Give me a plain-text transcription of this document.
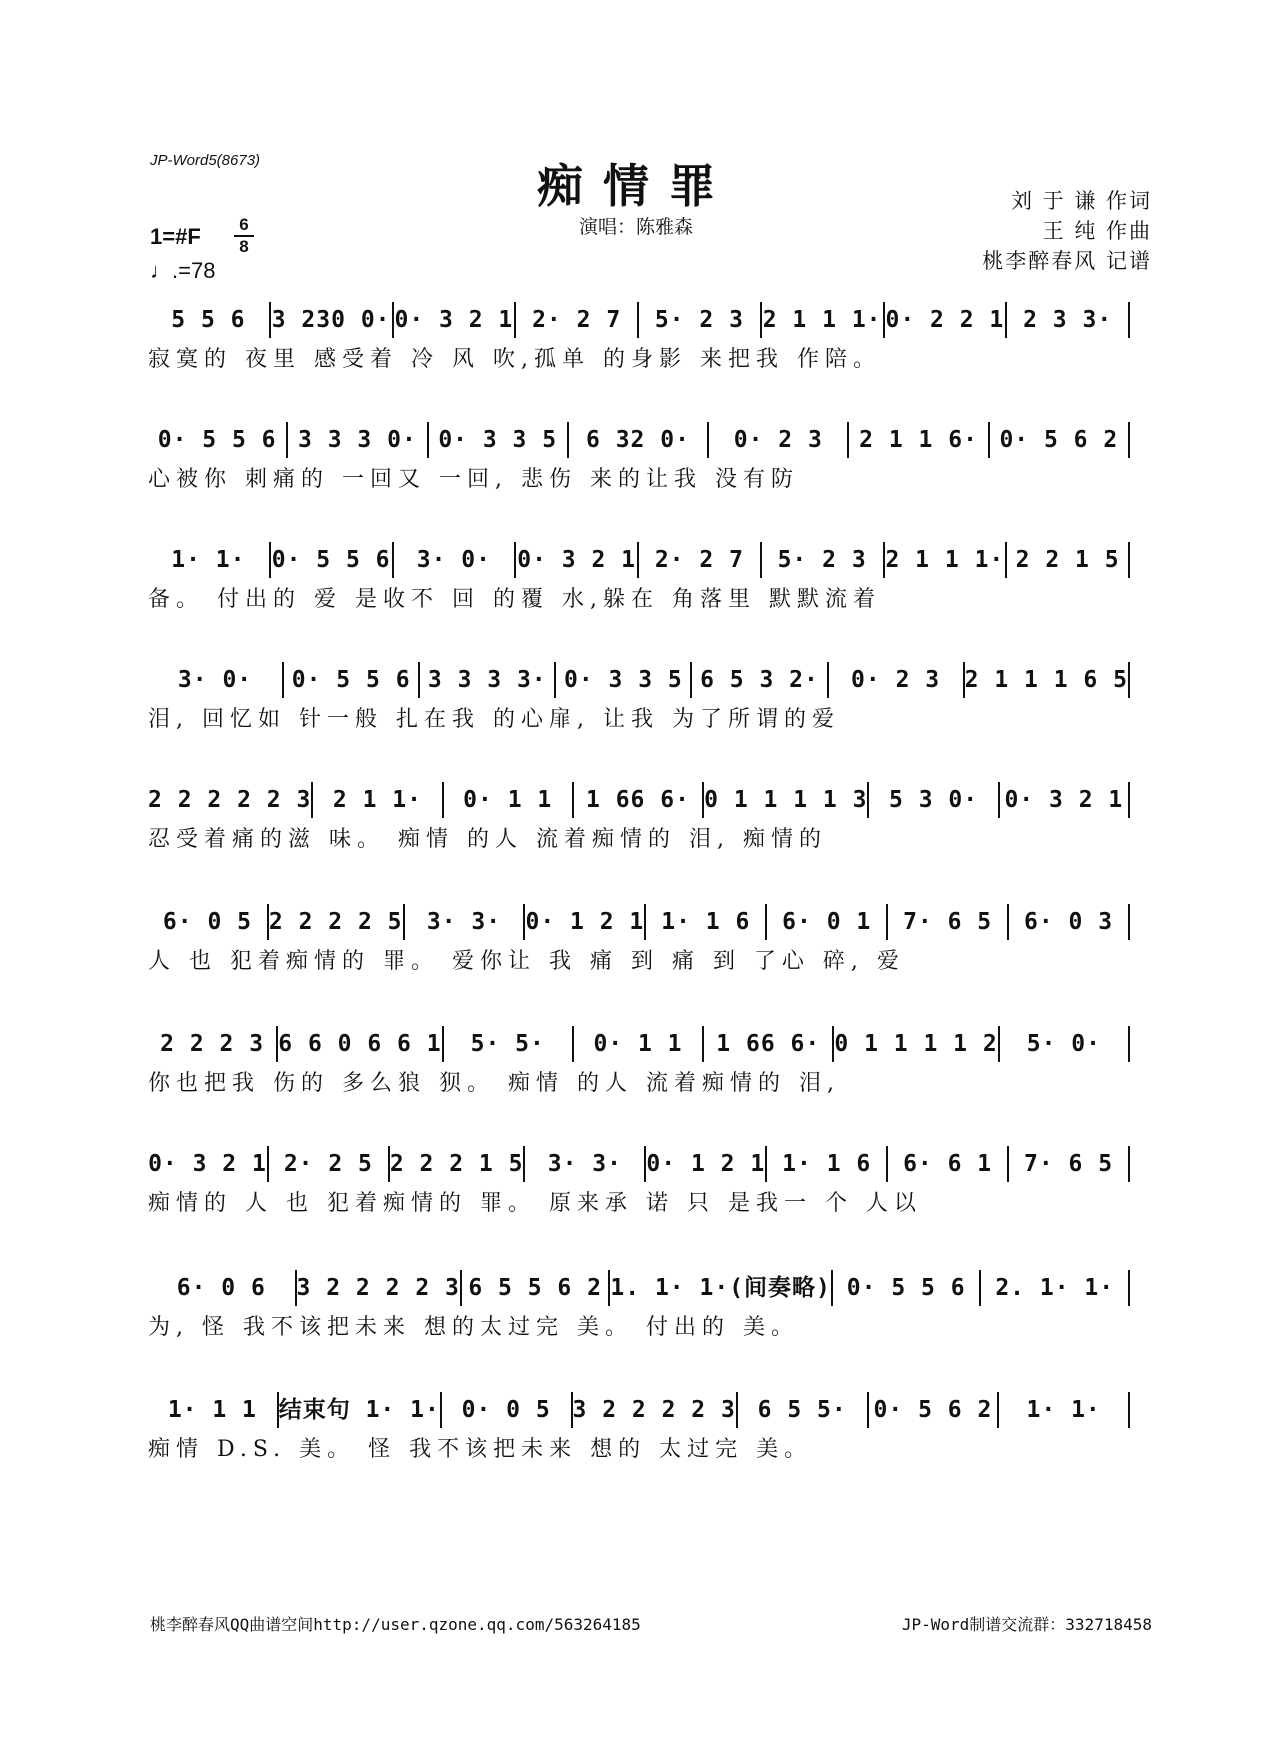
JP-Word5(8673)	痴情罪
演唱：陈雅森
刘 于 谦 作词
王 纯 作曲
桃李醉春风 记谱
1=#F	6
8
♩.=78
5 5 6	3 230 0· 0· 3 2 1 2· 2 7	5· 2 3 2 1 1 1· 0· 2 2 1 2 3 3·
寂寞的 夜里 感受着 冷 风 吹,孤单 的身影 来把我 作陪。
0· 5 5 6 3 3 3 0· 0· 3 3 5	6 32 0·	0· 2 3	2 1 1 6· 0· 5 6 2
心被你 刺痛的 一回又 一回, 悲伤 来的让我 没有防
1· 1·	0· 5 5 6	3· 0·	0· 3 2 1 2· 2 7	5· 2 3 2 1 1 1· 2 2 1 5
备。 付出的 爱 是收不 回 的覆 水,躲在 角落里 默默流着
3· 0·	0· 5 5 6 3 3 3 3· 0· 3 3 5 6 5 3 2·	0· 2 3	2 1 1 1 6 5
泪, 回忆如 针一般 扎在我 的心扉, 让我 为了所谓的爱
2 2 2 2 2 3 2 1 1·	0· 1 1	1 66 6· 0 1 1 1 1 3 5 3 0·	0· 3 2 1
忍受着痛的滋 味。 痴情 的人 流着痴情的 泪, 痴情的
6· 0 5 2 2 2 2 5	3· 3·	0· 1 2 1 1· 1 6	6· 0 1	7· 6 5	6· 0 3
人 也 犯着痴情的 罪。 爱你让 我 痛 到 痛 到 了心 碎, 爱
2 2 2 3 6 6 0 6 6 1	5· 5·	0· 1 1	1 66 6· 0 1 1 1 1 2	5· 0·
你也把我 伤的 多么狼 狈。 痴情 的人 流着痴情的 泪,
0· 3 2 1 2· 2 5 2 2 2 1 5	3· 3·	0· 1 2 1 1· 1 6	6· 6 1	7· 6 5
痴情的 人 也 犯着痴情的 罪。 原来承 诺 只 是我一 个 人以
6· 0 6	3 2 2 2 2 3 6 5 5 6 2 1. 1· 1·(间奏略) 0· 5 5 6	2. 1· 1·
为, 怪 我不该把未来 想的太过完 美。 付出的 美。
1· 1 1 结束句 1· 1· 0· 0 5 3 2 2 2 2 3 6 5 5·	0· 5 6 2	1· 1·
痴情 D.S. 美。 怪 我不该把未来 想的 太过完 美。
桃李醉春风QQ曲谱空间http://user.qzone.qq.com/563264185	JP-Word制谱交流群：332718458
